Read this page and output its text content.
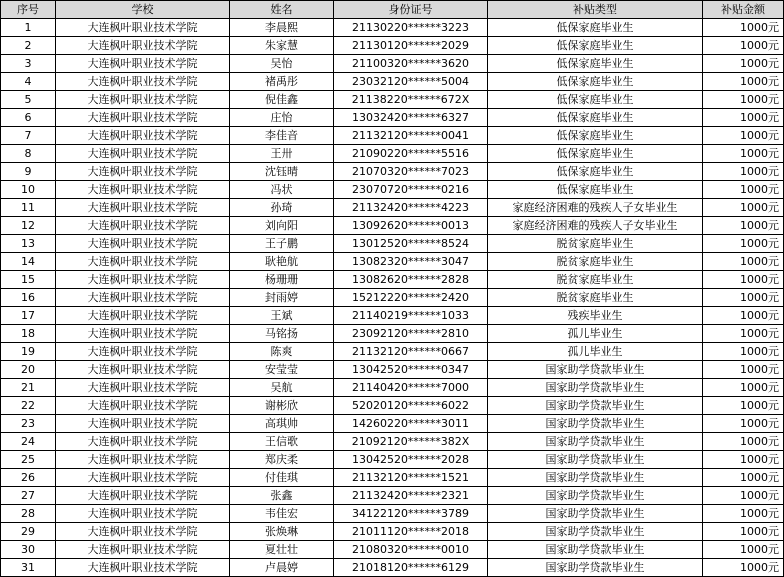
序号	学校	姓名	身份证号	补贴类型	补贴金额
1	大连枫叶职业技术学院	李晨熙	21130220******3223	低保家庭毕业生	1000元
2	大连枫叶职业技术学院	朱家慧	21130120******2029	低保家庭毕业生	1000元
3	大连枫叶职业技术学院	吴怡	21100320******3620	低保家庭毕业生	1000元
4	大连枫叶职业技术学院	褚禹彤	23032120******5004	低保家庭毕业生	1000元
5	大连枫叶职业技术学院	倪佳鑫	21138220******672X	低保家庭毕业生	1000元
6	大连枫叶职业技术学院	庄怡	13032420******6327	低保家庭毕业生	1000元
7	大连枫叶职业技术学院	李佳音	21132120******0041	低保家庭毕业生	1000元
8	大连枫叶职业技术学院	王卅	21090220******5516	低保家庭毕业生	1000元
9	大连枫叶职业技术学院	沈钰晴	21070320******7023	低保家庭毕业生	1000元
10	大连枫叶职业技术学院	冯状	23070720******0216	低保家庭毕业生	1000元
11	大连枫叶职业技术学院	孙琦	21132420******4223	家庭经济困难的残疾人子女毕业生	1000元
12	大连枫叶职业技术学院	刘向阳	13092620******0013	家庭经济困难的残疾人子女毕业生	1000元
13	大连枫叶职业技术学院	王子鹏	13012520******8524	脱贫家庭毕业生	1000元
14	大连枫叶职业技术学院	耿艳航	13082320******3047	脱贫家庭毕业生	1000元
15	大连枫叶职业技术学院	杨珊珊	13082620******2828	脱贫家庭毕业生	1000元
16	大连枫叶职业技术学院	封雨婷	15212220******2420	脱贫家庭毕业生	1000元
17	大连枫叶职业技术学院	王斌	21140219******1033	残疾毕业生	1000元
18	大连枫叶职业技术学院	马铭扬	23092120******2810	孤儿毕业生	1000元
19	大连枫叶职业技术学院	陈爽	21132120******0667	孤儿毕业生	1000元
20	大连枫叶职业技术学院	安莹莹	13042520******0347	国家助学贷款毕业生	1000元
21	大连枫叶职业技术学院	吴航	21140420******7000	国家助学贷款毕业生	1000元
22	大连枫叶职业技术学院	谢彬欣	52020120******6022	国家助学贷款毕业生	1000元
23	大连枫叶职业技术学院	高琪帅	14260220******3011	国家助学贷款毕业生	1000元
24	大连枫叶职业技术学院	王信歌	21092120******382X	国家助学贷款毕业生	1000元
25	大连枫叶职业技术学院	郑庆柔	13042520******2028	国家助学贷款毕业生	1000元
26	大连枫叶职业技术学院	付佳琪	21132120******1521	国家助学贷款毕业生	1000元
27	大连枫叶职业技术学院	张鑫	21132420******2321	国家助学贷款毕业生	1000元
28	大连枫叶职业技术学院	韦佳宏	34122120******3789	国家助学贷款毕业生	1000元
29	大连枫叶职业技术学院	张焕琳	21011120******2018	国家助学贷款毕业生	1000元
30	大连枫叶职业技术学院	夏壮壮	21080320******0010	国家助学贷款毕业生	1000元
31	大连枫叶职业技术学院	卢晨婷	21018120******6129	国家助学贷款毕业生	1000元
